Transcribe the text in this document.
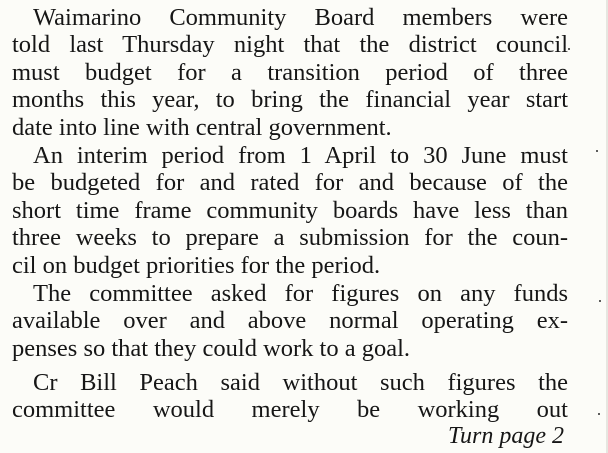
Waimarino Community Board members were
told last Thursday night that the district council
must budget for a transition period of three
months this year, to bring the financial year start
date into line with central government.
An interim period from 1 April to 30 June must
be budgeted for and rated for and because of the
short time frame community boards have less than
three weeks to prepare a submission for the coun-
cil on budget priorities for the period.
The committee asked for figures on any funds
available over and above normal operating ex-
penses so that they could work to a goal.
Cr Bill Peach said without such figures the
committee would merely be working out
Turn page 2
